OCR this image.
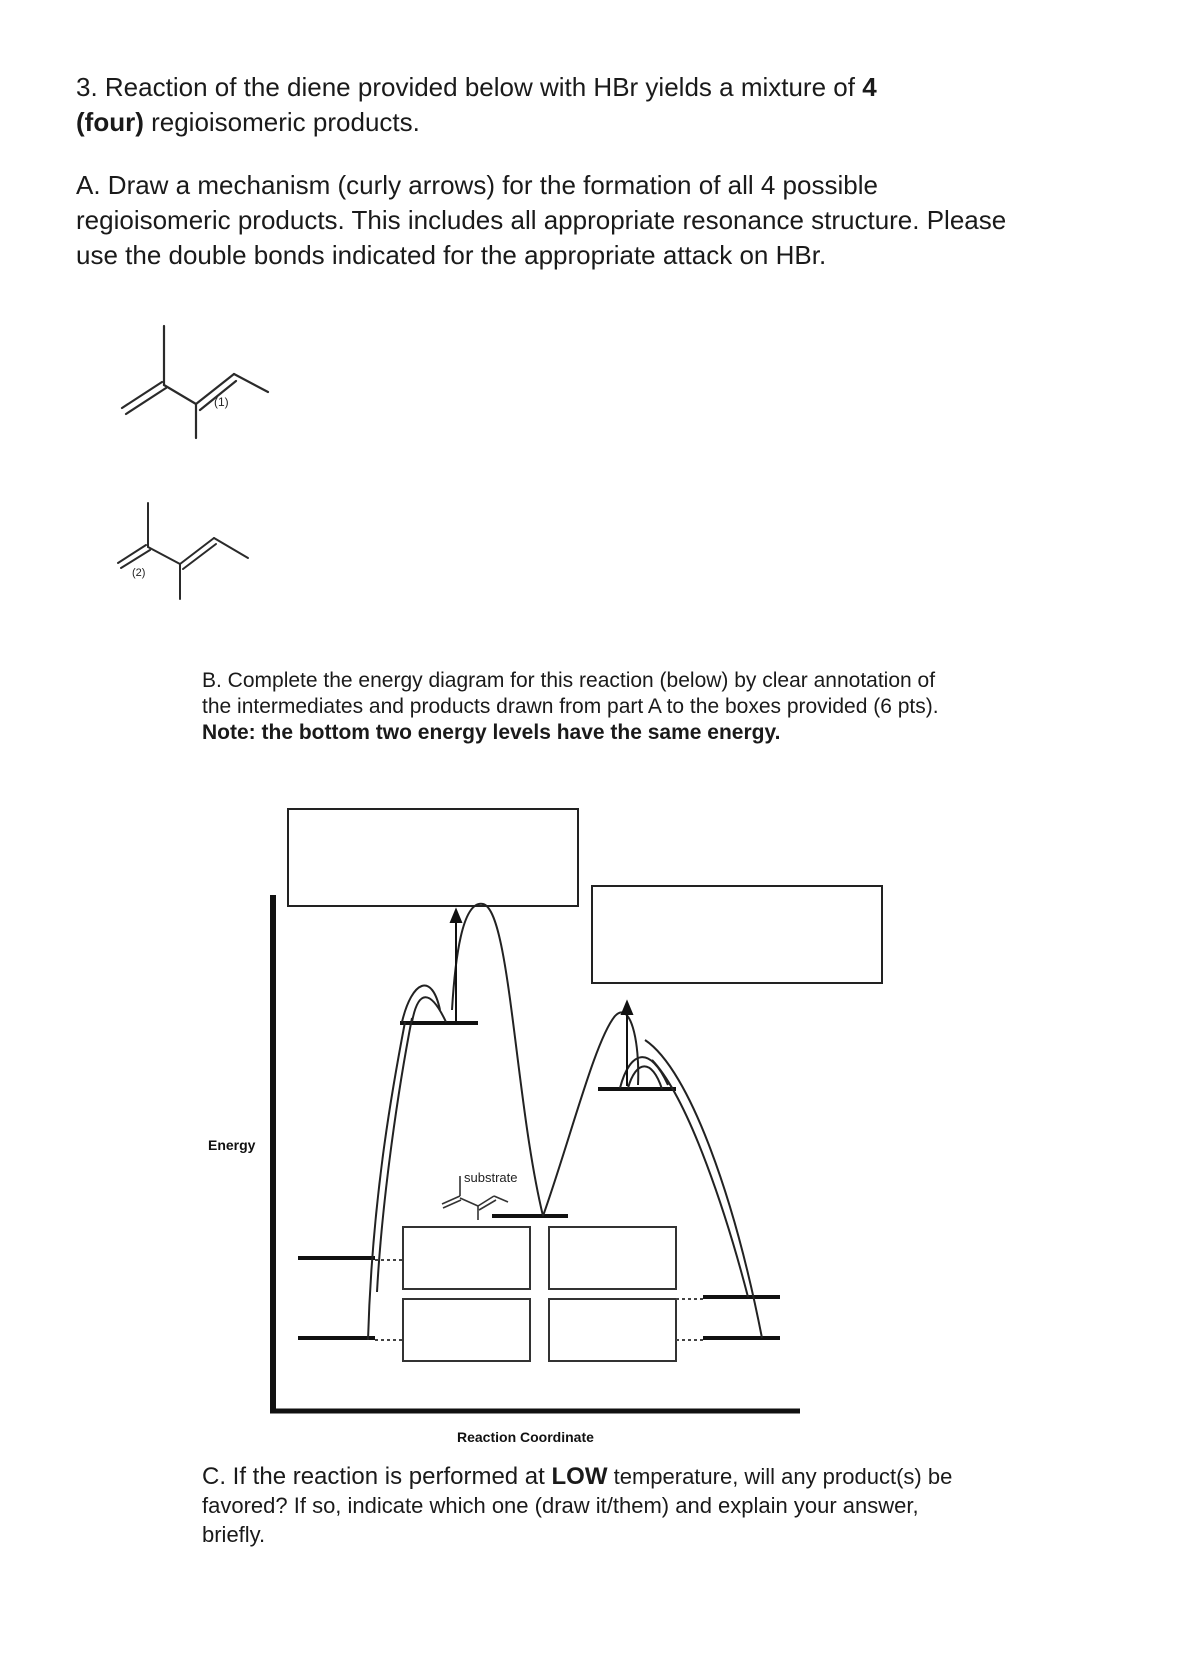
3. Reaction of the diene provided below with HBr yields a mixture of 4
(four) regioisomeric products.
A. Draw a mechanism (curly arrows) for the formation of all 4 possible regioisomeric products. This includes all appropriate resonance structure. Please use the double bonds indicated for the appropriate attack on HBr.
(1)
(2)
B. Complete the energy diagram for this reaction (below) by clear annotation of the intermediates and products drawn from part A to the boxes provided (6 pts).
Note: the bottom two energy levels have the same energy.
substrate
Energy
Reaction Coordinate
C. If the reaction is performed at LOW temperature, will any product(s) be favored? If so, indicate which one (draw it/them) and explain your answer, briefly.
